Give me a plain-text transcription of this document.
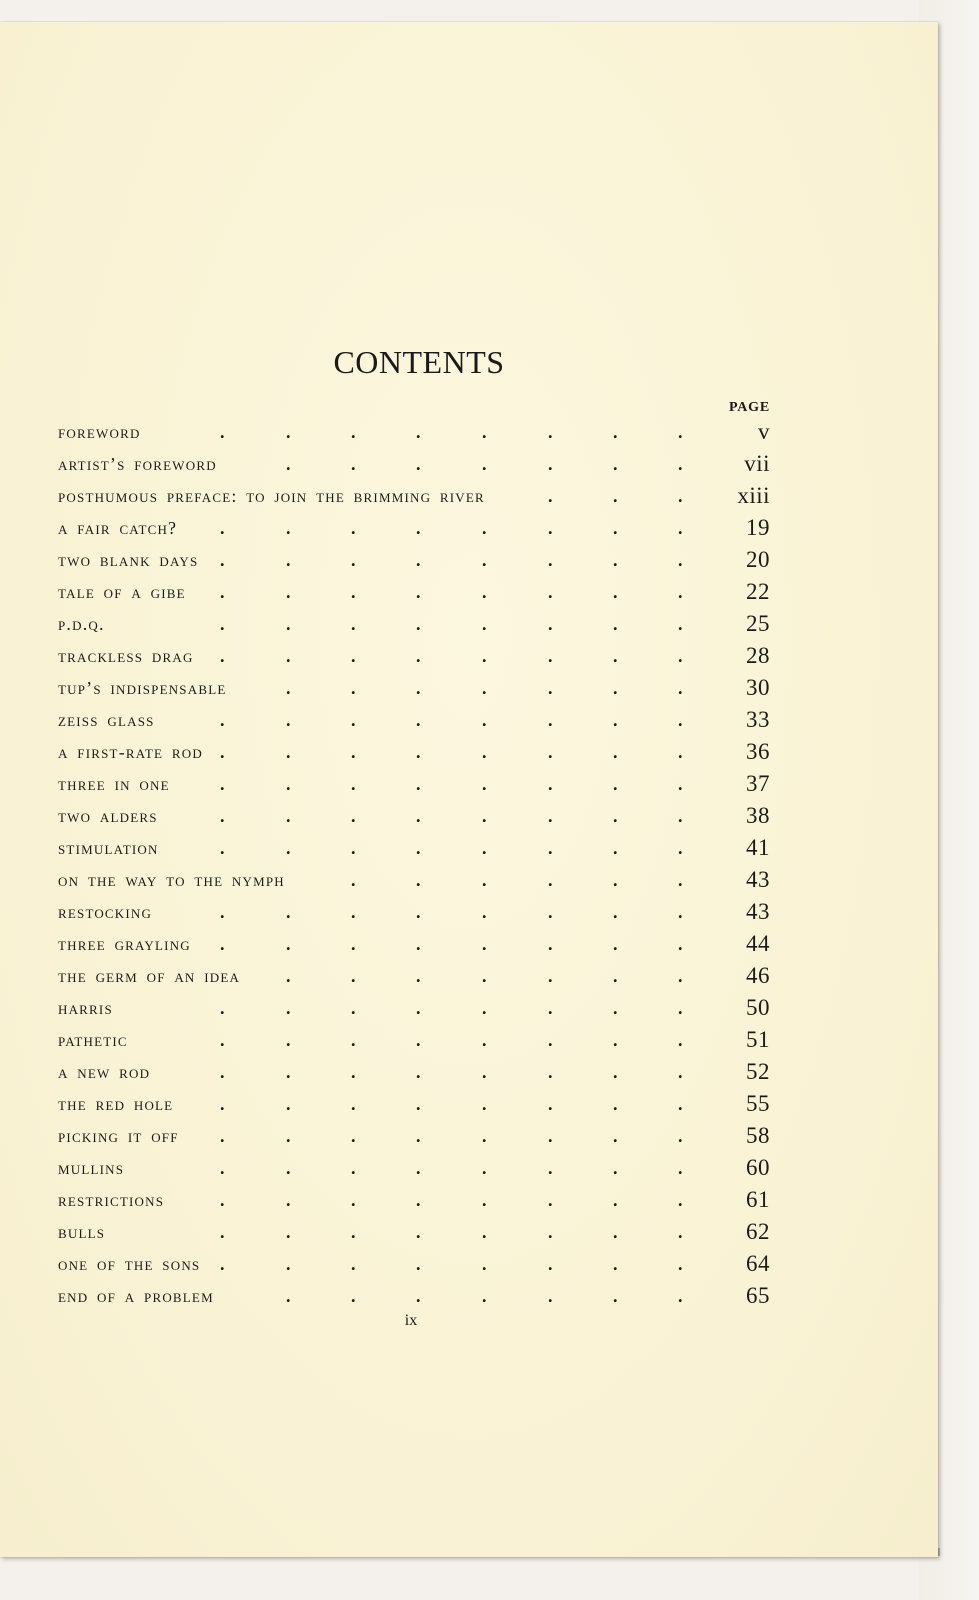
CONTENTS
PAGE
foreword	v
.	.	.	.	.	.	.	.
artist’s foreword	vii
.	.	.	.	.	.	.
posthumous preface: to join the brimming river	xiii
.	.	.
a fair catch?	19
.	.	.	.	.	.	.	.
two blank days	20
.	.	.	.	.	.	.	.
tale of a gibe	22
.	.	.	.	.	.	.	.
p.d.q.	25
.	.	.	.	.	.	.	.
trackless drag	28
.	.	.	.	.	.	.	.
tup’s indispensable	30
.	.	.	.	.	.	.
zeiss glass	33
.	.	.	.	.	.	.	.
a first-rate rod	36
.	.	.	.	.	.	.	.
three in one	37
.	.	.	.	.	.	.	.
two alders	38
.	.	.	.	.	.	.	.
stimulation	41
.	.	.	.	.	.	.	.
on the way to the nymph	43
.	.	.	.	.	.
restocking	43
.	.	.	.	.	.	.	.
three grayling	44
.	.	.	.	.	.	.	.
the germ of an idea	46
.	.	.	.	.	.	.
harris	50
.	.	.	.	.	.	.	.
pathetic	51
.	.	.	.	.	.	.	.
a new rod	52
.	.	.	.	.	.	.	.
the red hole	55
.	.	.	.	.	.	.	.
picking it off	58
.	.	.	.	.	.	.	.
mullins	60
.	.	.	.	.	.	.	.
restrictions	61
.	.	.	.	.	.	.	.
bulls	62
.	.	.	.	.	.	.	.
one of the sons	64
.	.	.	.	.	.	.	.
end of a problem	65
.	.	.	.	.	.	.
ix
